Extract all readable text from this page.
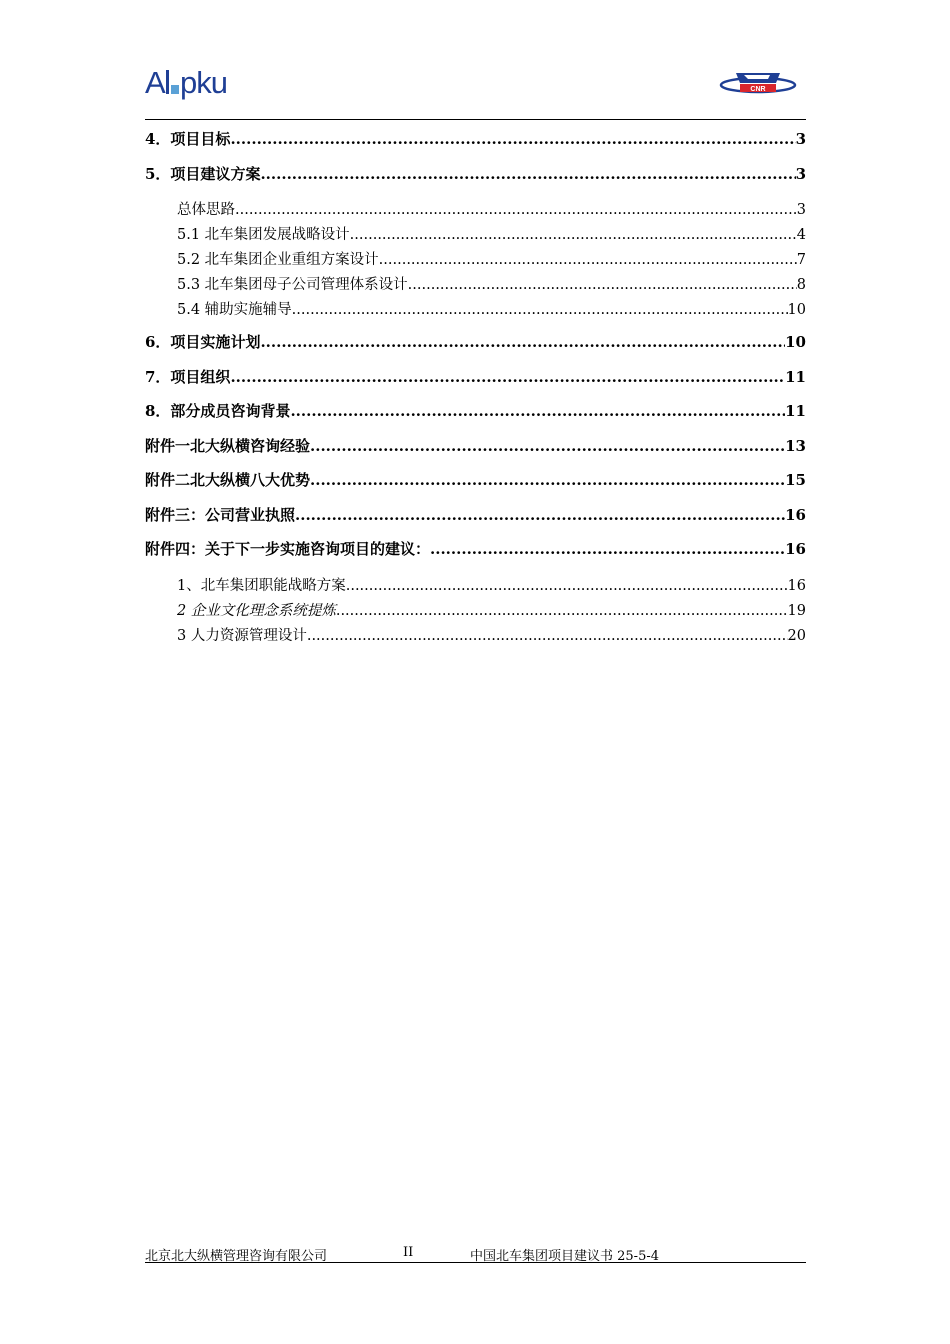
A pku	CNR
4．项目目标 .....	3
5．项目建议方案 .....	3
总体思路 .....	3
5.1 北车集团发展战略设计 .....	4
5.2 北车集团企业重组方案设计 .....	7
5.3 北车集团母子公司管理体系设计 .....	8
5.4 辅助实施辅导 .....	10
6．项目实施计划 .....	10
7．项目组织 .....	11
8．部分成员咨询背景 .....	11
附件一北大纵横咨询经验 .....	13
附件二北大纵横八大优势 .....	15
附件三：公司营业执照 .....	16
附件四：关于下一步实施咨询项目的建议： .....	16
1、北车集团职能战略方案 .....	16
2 企业文化理念系统提炼 .....	19
3 人力资源管理设计 .....	20
北京北大纵横管理咨询有限公司	II	中国北车集团项目建议书 25-5-4
